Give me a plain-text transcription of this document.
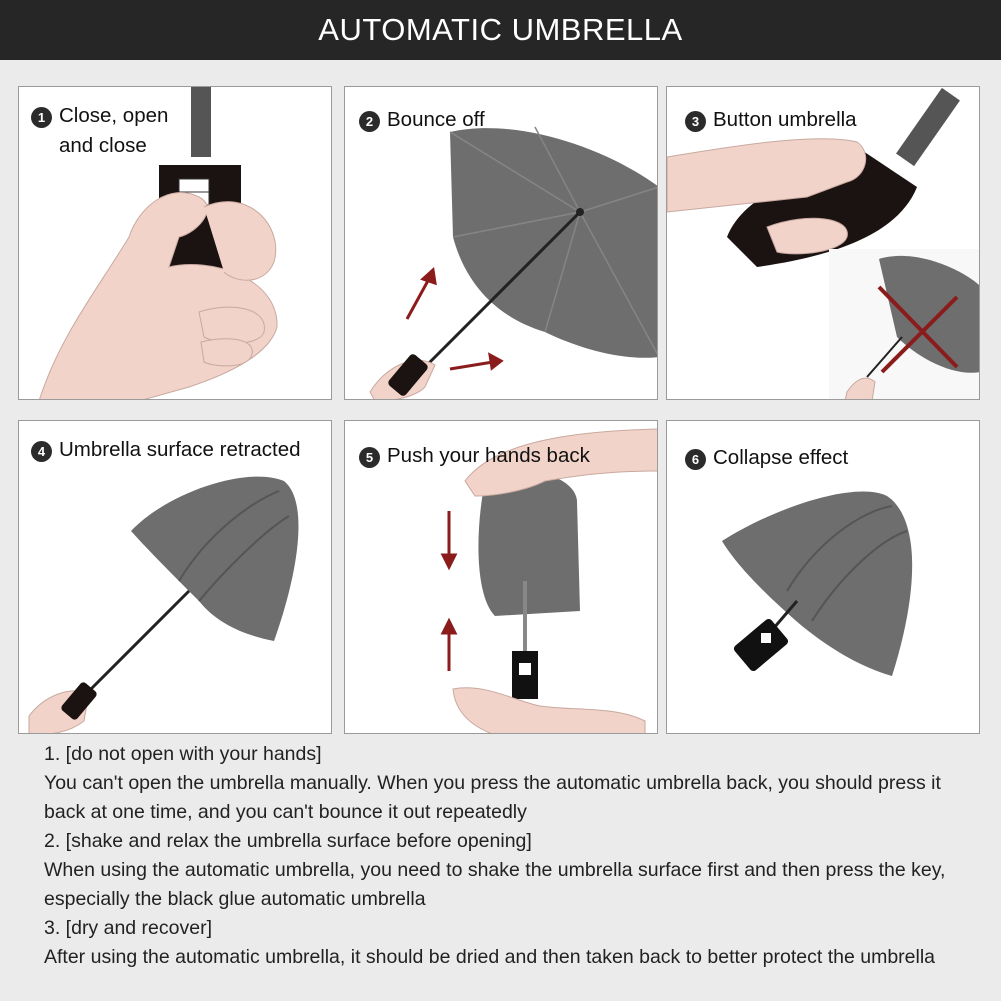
AUTOMATIC UMBRELLA
1 Close, open
and close
2 Bounce off	3 Button umbrella
4 Umbrella surface retracted	5 Push your hands back	6 Collapse effect

1. [do not open with your hands]

You can't open the umbrella manually. When you press the automatic umbrella back, you should press it back at one time, and you can't bounce it out repeatedly

2. [shake and relax the umbrella surface before opening]

When using the automatic umbrella, you need to shake the umbrella surface first and then press the key, especially the black glue automatic umbrella

3. [dry and recover]

After using the automatic umbrella, it should be dried and then taken back to better protect the umbrella
